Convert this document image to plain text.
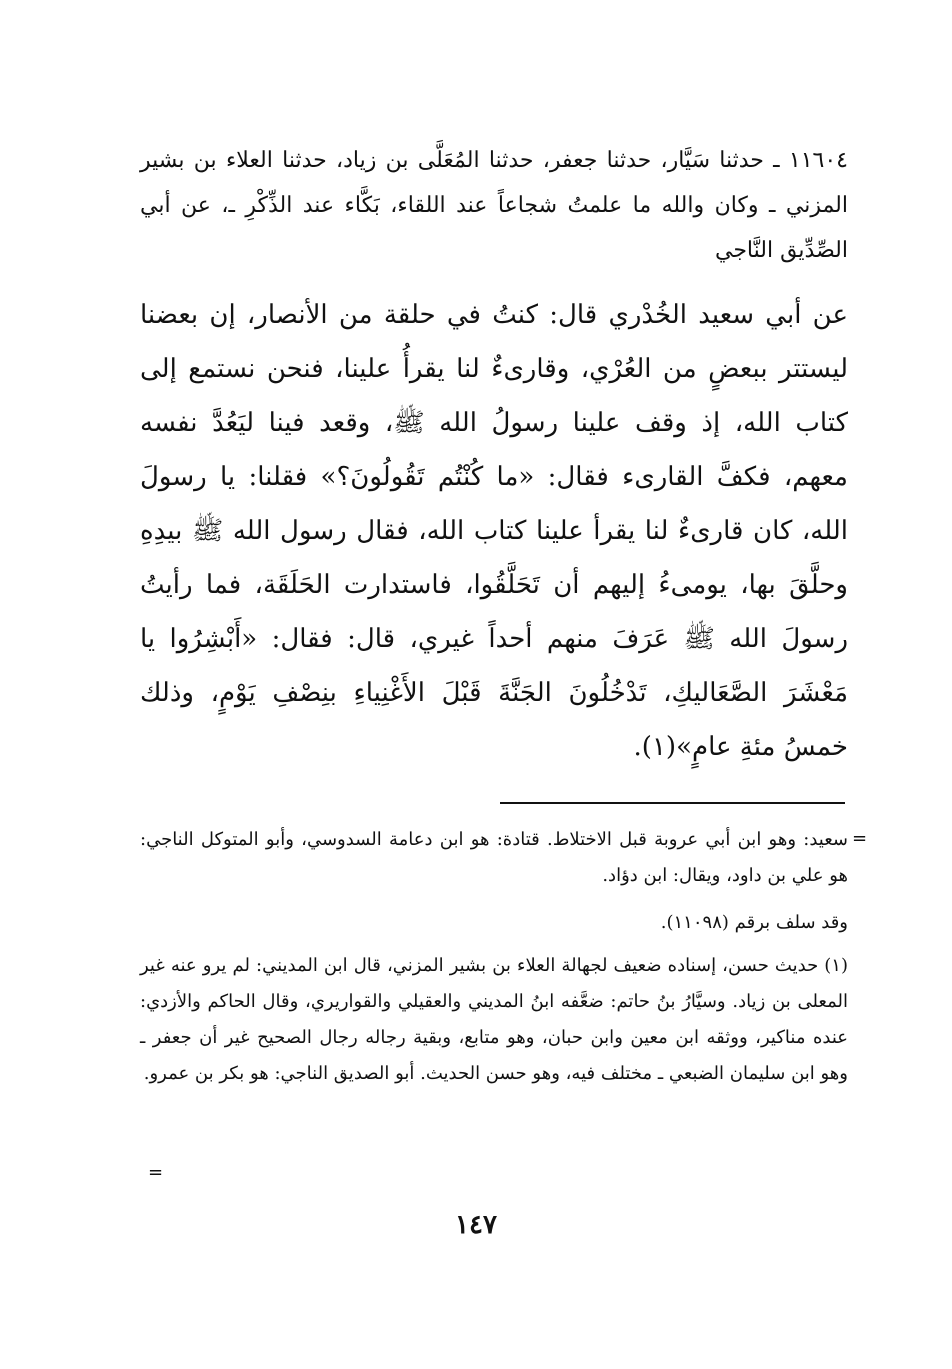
١١٦٠٤ ـ حدثنا سَيَّار، حدثنا جعفر، حدثنا المُعَلَّى بن زياد، حدثنا العلاء بن بشير المزني ـ وكان والله ما علمتُ شجاعاً عند اللقاء، بَكَّاء عند الذِّكْرِ ـ، عن أبي الصِّدِّيق النَّاجي

عن أبي سعيد الخُدْري قال: كنتُ في حلقة من الأنصار، إن بعضنا ليستتر ببعضٍ من العُرْي، وقارىءٌ لنا يقرأُ علينا، فنحن نستمع إلى كتاب الله، إذ وقف علينا رسولُ الله ﷺ، وقعد فينا ليَعُدَّ نفسه معهم، فكفَّ القارىء فقال: «ما كُنْتُم تَقُولُونَ؟» فقلنا: يا رسولَ الله، كان قارىءٌ لنا يقرأ علينا كتاب الله، فقال رسول الله ﷺ بيدِهِ وحلَّقَ بها، يومىءُ إليهم أن تَحَلَّقُوا، فاستدارت الحَلَقَة، فما رأيتُ رسولَ الله ﷺ عَرَفَ منهم أحداً غيري، قال: فقال: «أَبْشِرُوا يا مَعْشَرَ الصَّعَاليكِ، تَدْخُلُونَ الجَنَّةَ قَبْلَ الأَغْنِياءِ بنِصْفِ يَوْمٍ، وذلك خمسُ مئةِ عامٍ»(١).

=

سعيد: وهو ابن أبي عروبة قبل الاختلاط. قتادة: هو ابن دعامة السدوسي، وأبو المتوكل الناجي: هو علي بن داود، ويقال: ابن دؤاد.

وقد سلف برقم (١١٠٩٨).

(١) حديث حسن، إسناده ضعيف لجهالة العلاء بن بشير المزني، قال ابن المديني: لم يرو عنه غير المعلى بن زياد. وسيَّارُ بنُ حاتم: ضعَّفه ابنُ المديني والعقيلي والقواريري، وقال الحاكم والأزدي: عنده مناكير، ووثقه ابن معين وابن حبان، وهو متابع، وبقية رجاله رجال الصحيح غير أن جعفر ـ وهو ابن سليمان الضبعي ـ مختلف فيه، وهو حسن الحديث. أبو الصديق الناجي: هو بكر بن عمرو.

=
١٤٧
